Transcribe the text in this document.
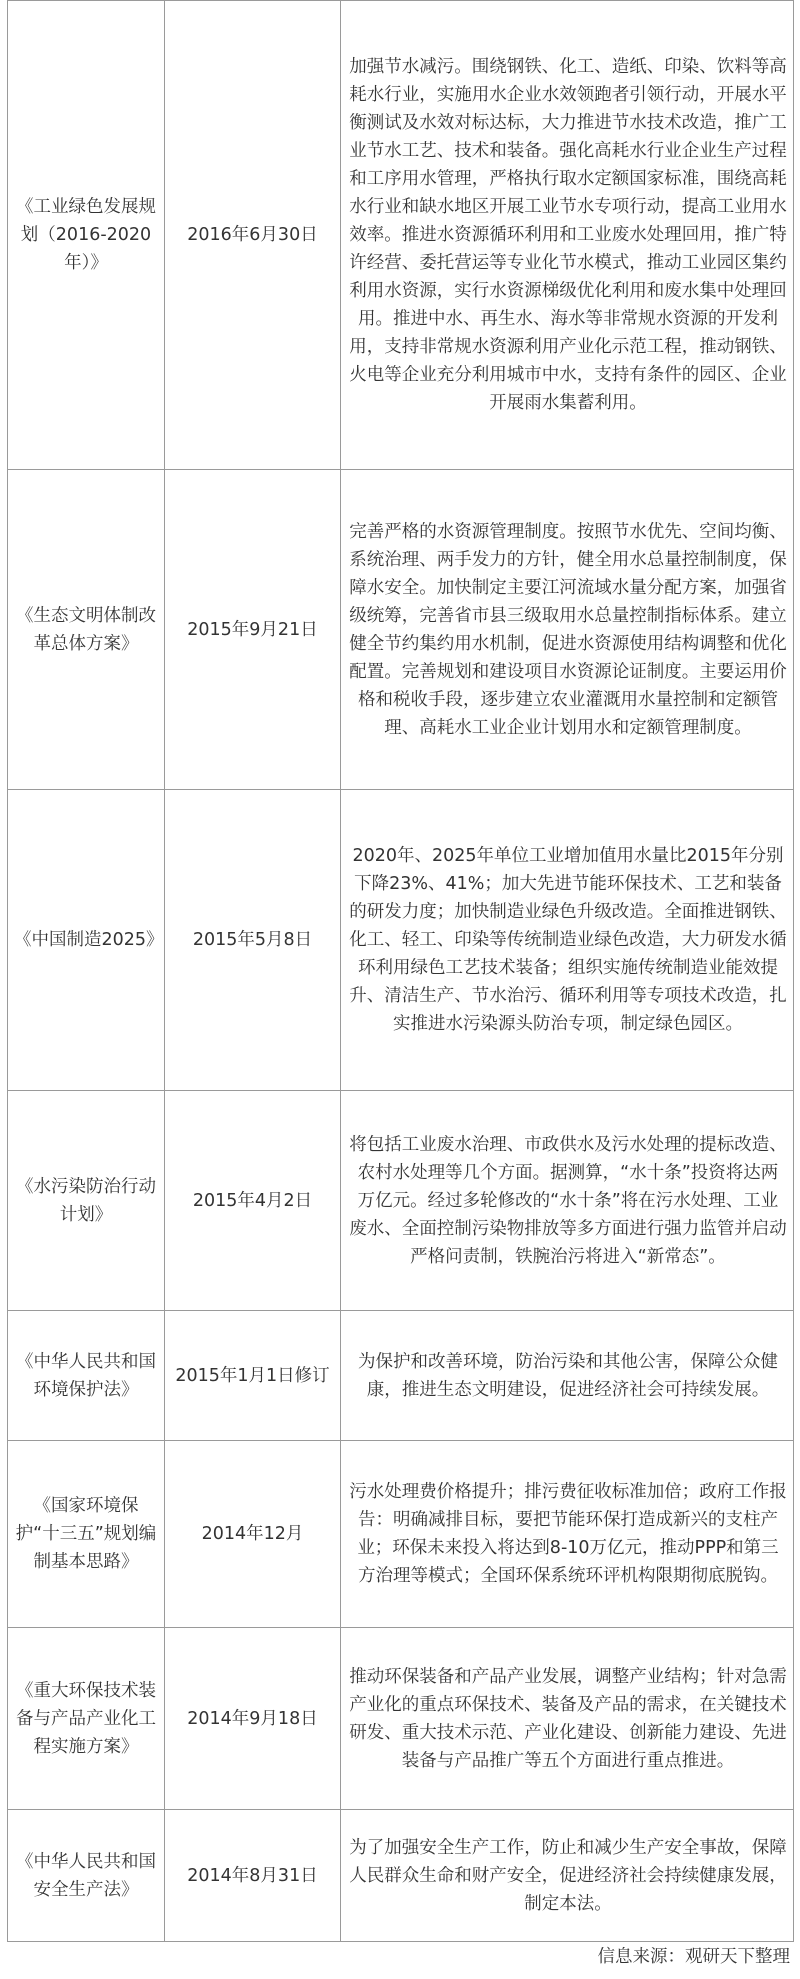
《工业绿色发展规划（2016-2020年）》	2016年6月30日	加强节水减污。围绕钢铁、化工、造纸、印染、饮料等高耗水行业，实施用水企业水效领跑者引领行动，开展水平衡测试及水效对标达标，大力推进节水技术改造，推广工业节水工艺、技术和装备。强化高耗水行业企业生产过程和工序用水管理，严格执行取水定额国家标准，围绕高耗水行业和缺水地区开展工业节水专项行动，提高工业用水效率。推进水资源循环利用和工业废水处理回用，推广特许经营、委托营运等专业化节水模式，推动工业园区集约利用水资源，实行水资源梯级优化利用和废水集中处理回用。推进中水、再生水、海水等非常规水资源的开发利用，支持非常规水资源利用产业化示范工程，推动钢铁、火电等企业充分利用城市中水，支持有条件的园区、企业开展雨水集蓄利用。
《生态文明体制改革总体方案》	2015年9月21日	完善严格的水资源管理制度。按照节水优先、空间均衡、系统治理、两手发力的方针，健全用水总量控制制度，保障水安全。加快制定主要江河流域水量分配方案，加强省级统筹，完善省市县三级取用水总量控制指标体系。建立健全节约集约用水机制，促进水资源使用结构调整和优化配置。完善规划和建设项目水资源论证制度。主要运用价格和税收手段，逐步建立农业灌溉用水量控制和定额管理、高耗水工业企业计划用水和定额管理制度。
《中国制造2025》	2015年5月8日	2020年、2025年单位工业增加值用水量比2015年分别下降23%、41%；加大先进节能环保技术、工艺和装备的研发力度；加快制造业绿色升级改造。全面推进钢铁、化工、轻工、印染等传统制造业绿色改造，大力研发水循环利用绿色工艺技术装备；组织实施传统制造业能效提升、清洁生产、节水治污、循环利用等专项技术改造，扎实推进水污染源头防治专项，制定绿色园区。
《水污染防治行动计划》	2015年4月2日	将包括工业废水治理、市政供水及污水处理的提标改造、农村水处理等几个方面。据测算，“水十条”投资将达两万亿元。经过多轮修改的“水十条”将在污水处理、工业废水、全面控制污染物排放等多方面进行强力监管并启动严格问责制，铁腕治污将进入“新常态”。
《中华人民共和国环境保护法》	2015年1月1日修订	为保护和改善环境，防治污染和其他公害，保障公众健康，推进生态文明建设，促进经济社会可持续发展。
《国家环境保护“十三五”规划编制基本思路》	2014年12月	污水处理费价格提升；排污费征收标准加倍；政府工作报告：明确减排目标，要把节能环保打造成新兴的支柱产业；环保未来投入将达到8-10万亿元，推动PPP和第三方治理等模式；全国环保系统环评机构限期彻底脱钩。
《重大环保技术装备与产品产业化工程实施方案》	2014年9月18日	推动环保装备和产品产业发展，调整产业结构；针对急需产业化的重点环保技术、装备及产品的需求，在关键技术研发、重大技术示范、产业化建设、创新能力建设、先进装备与产品推广等五个方面进行重点推进。
《中华人民共和国安全生产法》	2014年8月31日	为了加强安全生产工作，防止和减少生产安全事故，保障人民群众生命和财产安全，促进经济社会持续健康发展，制定本法。
信息来源：观研天下整理
